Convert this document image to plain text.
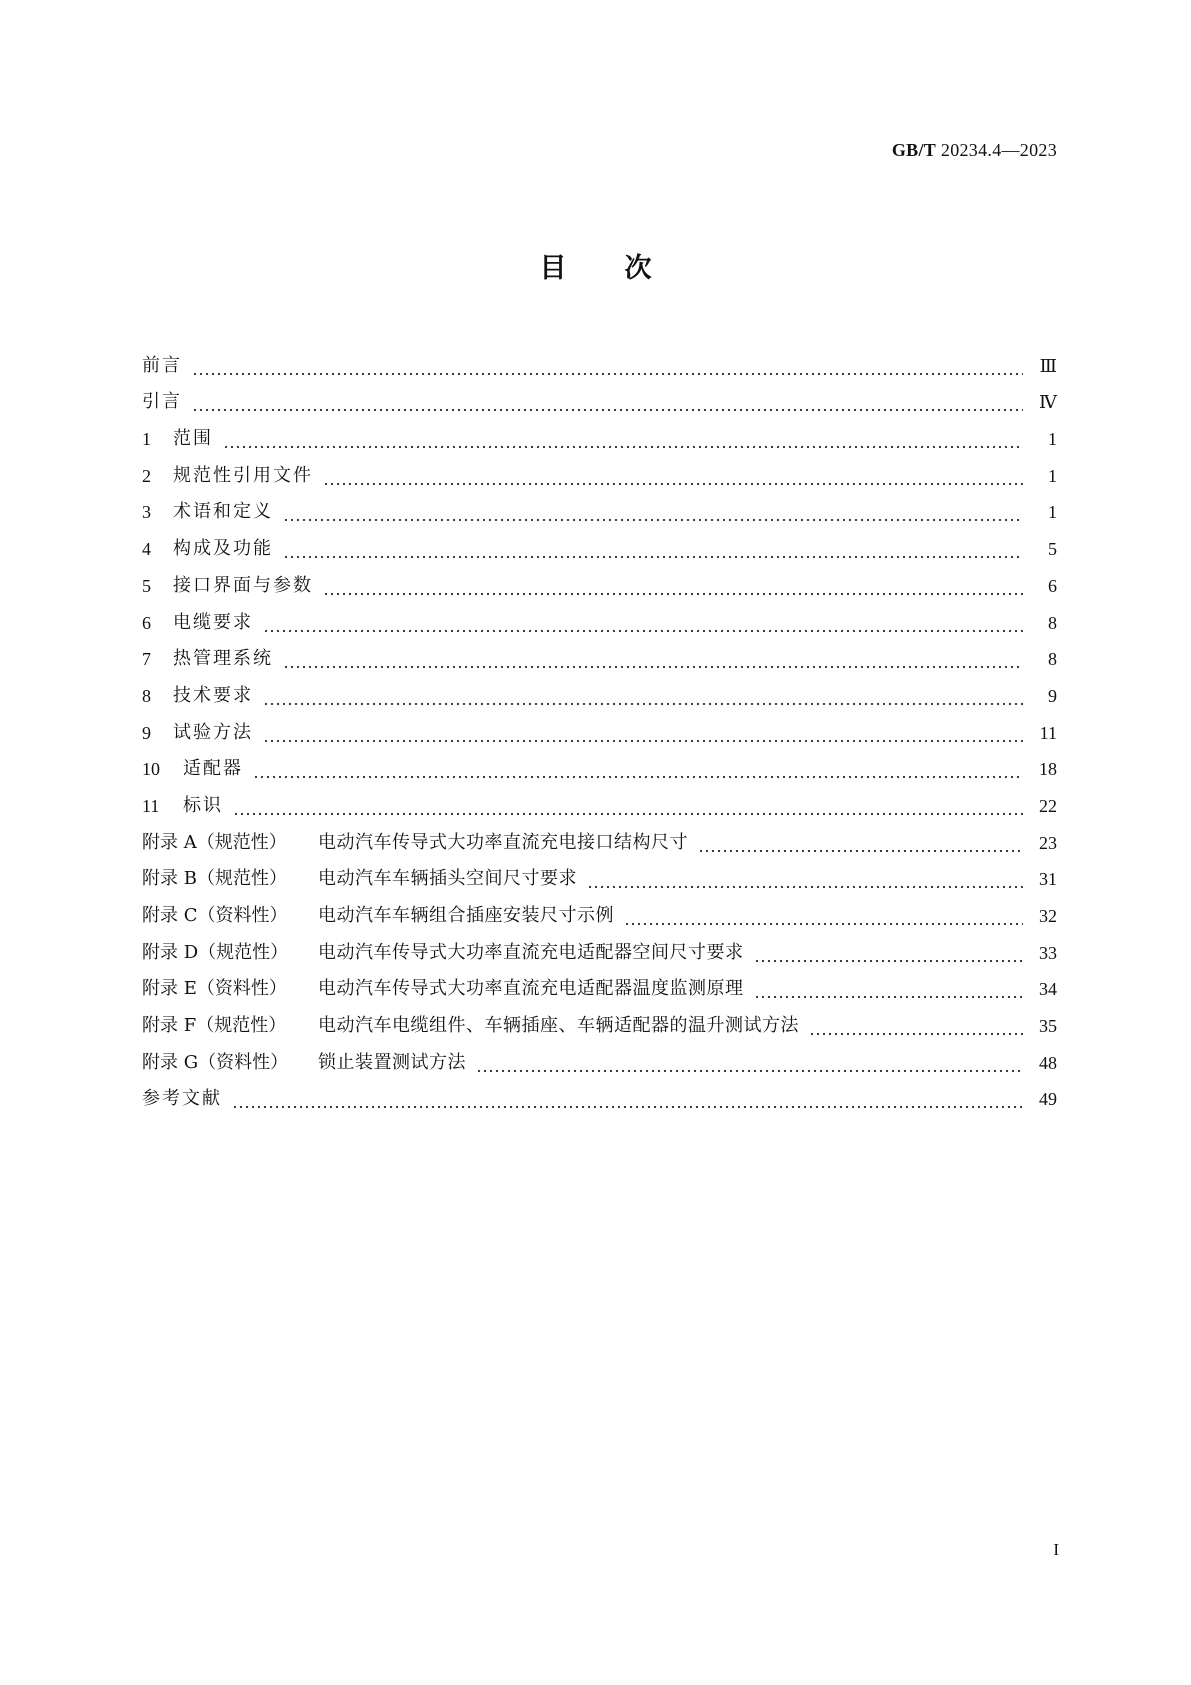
GB/T 20234.4—2023
目次
前言	Ⅲ
引言	Ⅳ
1	范围	1
2	规范性引用文件	1
3	术语和定义	1
4	构成及功能	5
5	接口界面与参数	6
6	电缆要求	8
7	热管理系统	8
8	技术要求	9
9	试验方法	11
10	适配器	18
11	标识	22
附录 A（规范性）	电动汽车传导式大功率直流充电接口结构尺寸	23
附录 B（规范性）	电动汽车车辆插头空间尺寸要求	31
附录 C（资料性）	电动汽车车辆组合插座安装尺寸示例	32
附录 D（规范性）	电动汽车传导式大功率直流充电适配器空间尺寸要求	33
附录 E（资料性）	电动汽车传导式大功率直流充电适配器温度监测原理	34
附录 F（规范性）	电动汽车电缆组件、车辆插座、车辆适配器的温升测试方法	35
附录 G（资料性）	锁止装置测试方法	48
参考文献	49
I
